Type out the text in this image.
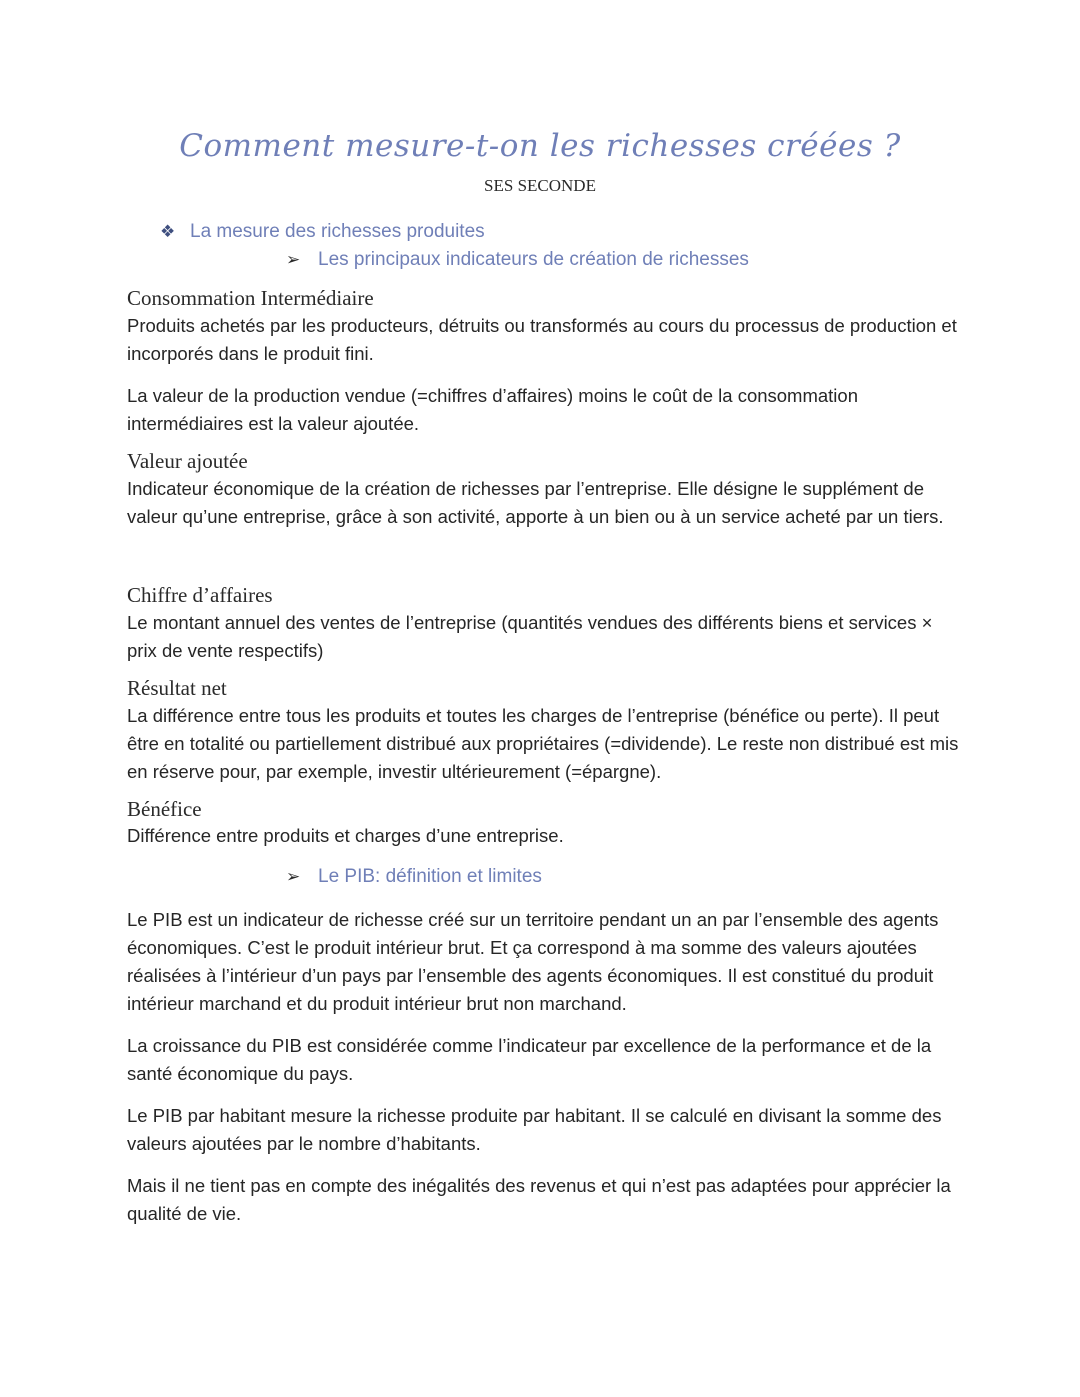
Comment mesure-t-on les richesses créées ?

SES SECONDE

❖ La mesure des richesses produites
➢ Les principaux indicateurs de création de richesses
Consommation Intermédiaire

Produits achetés par les producteurs, détruits ou transformés au cours du processus de production et incorporés dans le produit fini.

La valeur de la production vendue (=chiffres d’affaires) moins le coût de la consommation intermédiaires est la valeur ajoutée.

Valeur ajoutée

Indicateur économique de la création de richesses par l’entreprise. Elle désigne le supplément de valeur qu’une entreprise, grâce à son activité, apporte à un bien ou à un service acheté par un tiers.

Chiffre d’affaires

Le montant annuel des ventes de l’entreprise (quantités vendues des différents biens et services × prix de vente respectifs)

Résultat net

La différence entre tous les produits et toutes les charges de l’entreprise (bénéfice ou perte). Il peut être en totalité ou partiellement distribué aux propriétaires (=dividende). Le reste non distribué est mis en réserve pour, par exemple, investir ultérieurement (=épargne).

Bénéfice

Différence entre produits et charges d’une entreprise.

➢ Le PIB: définition et limites

Le PIB est un indicateur de richesse créé sur un territoire pendant un an par l’ensemble des agents économiques. C’est le produit intérieur brut. Et ça correspond à ma somme des valeurs ajoutées réalisées à l’intérieur d’un pays par l’ensemble des agents économiques. Il est constitué du produit intérieur marchand et du produit intérieur brut non marchand.

La croissance du PIB est considérée comme l’indicateur par excellence de la performance et de la santé économique du pays.

Le PIB par habitant mesure la richesse produite par habitant. Il se calculé en divisant la somme des valeurs ajoutées par le nombre d’habitants.

Mais il ne tient pas en compte des inégalités des revenus et qui n’est pas adaptées pour apprécier la qualité de vie.
